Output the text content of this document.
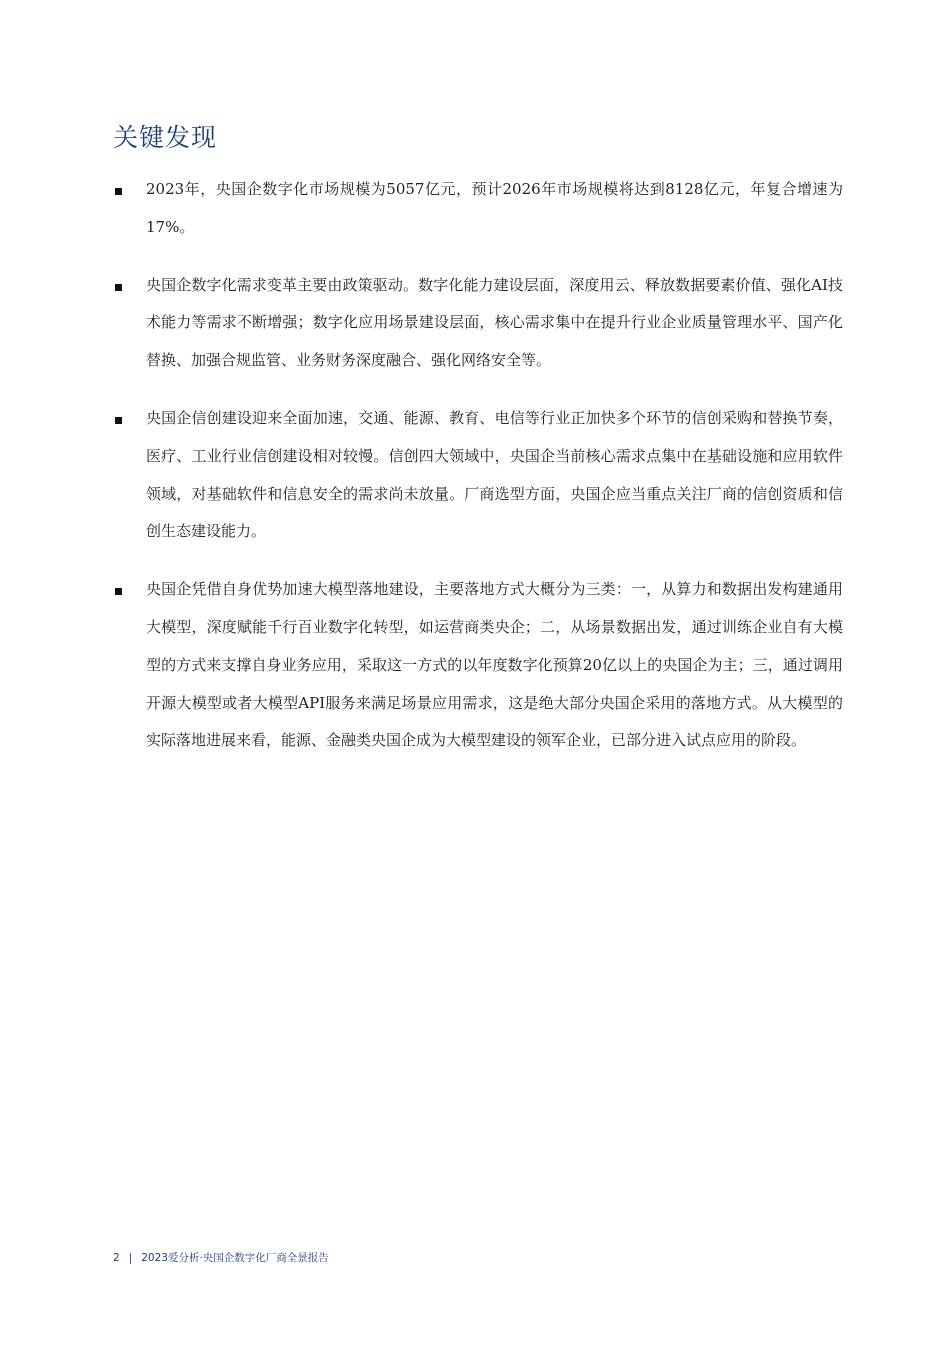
关键发现
2023年，央国企数字化市场规模为5057亿元，预计2026年市场规模将达到8128亿元，年复合增速为17%。
央国企数字化需求变革主要由政策驱动。数字化能力建设层面，深度用云、释放数据要素价值、强化AI技术能力等需求不断增强；数字化应用场景建设层面，核心需求集中在提升行业企业质量管理水平、国产化替换、加强合规监管、业务财务深度融合、强化网络安全等。
央国企信创建设迎来全面加速，交通、能源、教育、电信等行业正加快多个环节的信创采购和替换节奏，医疗、工业行业信创建设相对较慢。信创四大领域中，央国企当前核心需求点集中在基础设施和应用软件领域，对基础软件和信息安全的需求尚未放量。厂商选型方面，央国企应当重点关注厂商的信创资质和信创生态建设能力。
央国企凭借自身优势加速大模型落地建设，主要落地方式大概分为三类：一，从算力和数据出发构建通用大模型，深度赋能千行百业数字化转型，如运营商类央企；二，从场景数据出发，通过训练企业自有大模型的方式来支撑自身业务应用，采取这一方式的以年度数字化预算20亿以上的央国企为主；三，通过调用开源大模型或者大模型API服务来满足场景应用需求，这是绝大部分央国企采用的落地方式。从大模型的实际落地进展来看，能源、金融类央国企成为大模型建设的领军企业，已部分进入试点应用的阶段。
2 | 2023爱分析·央国企数字化厂商全景报告
